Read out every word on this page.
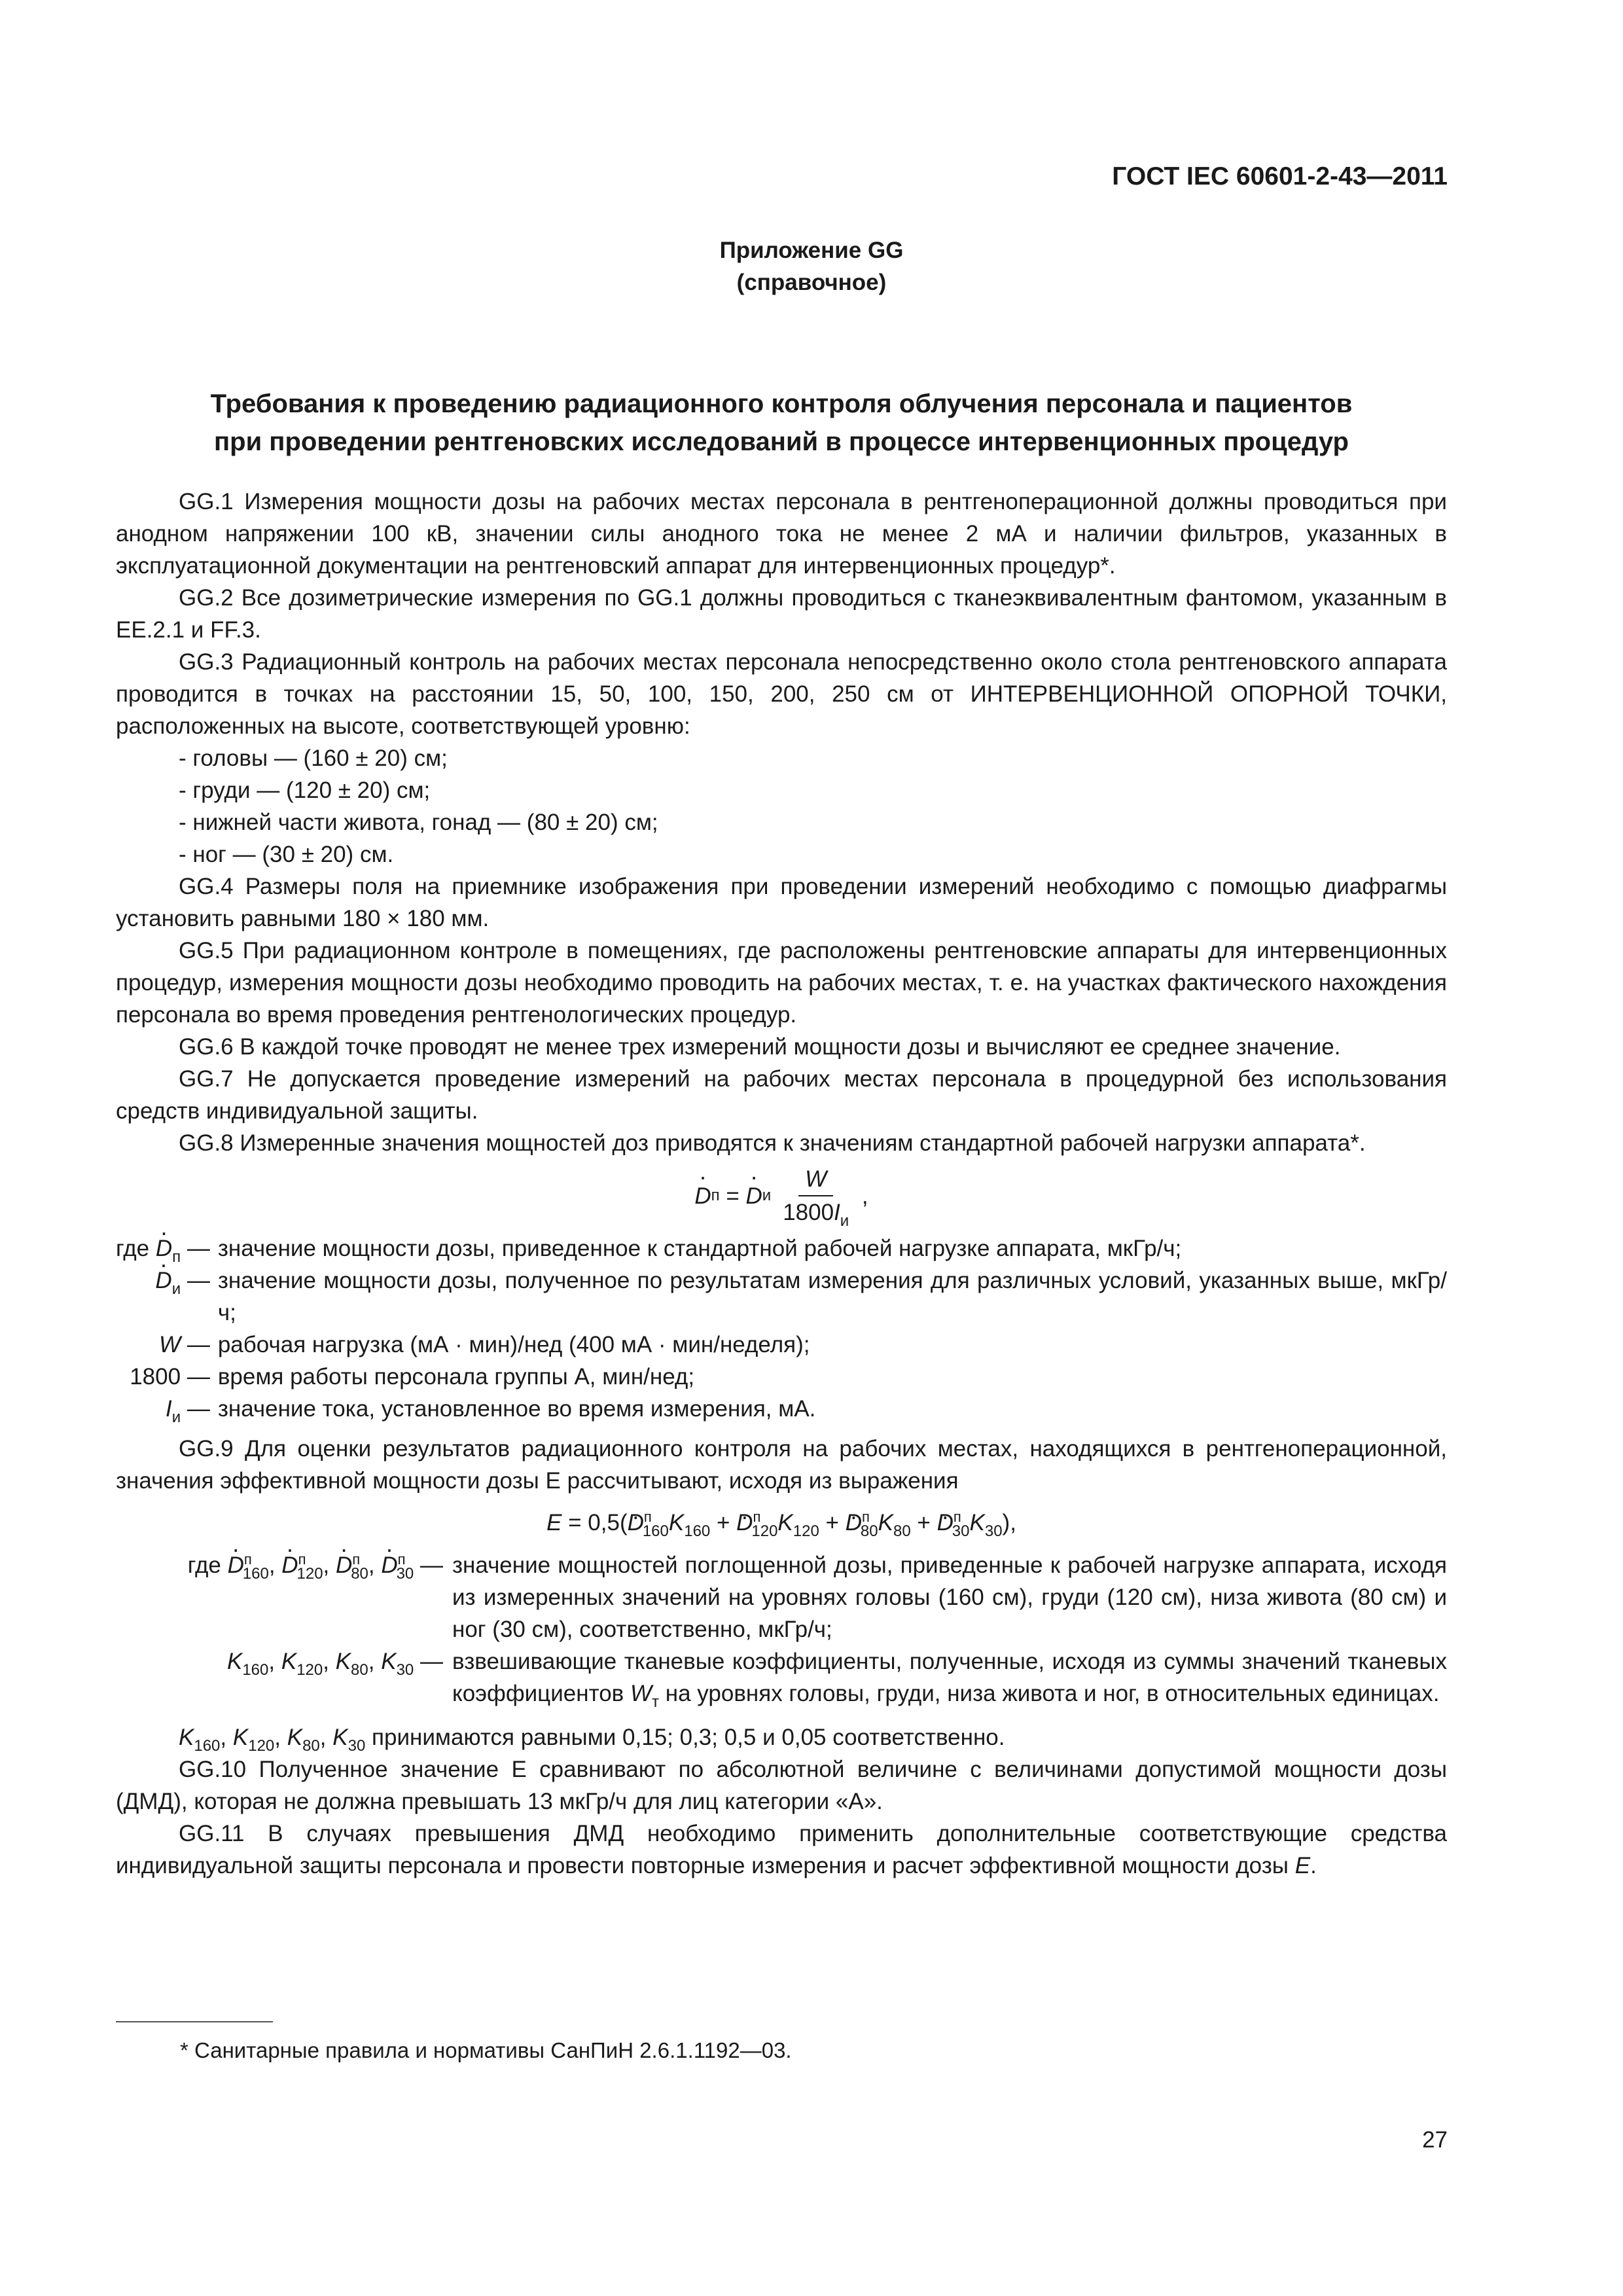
ГОСТ IEC 60601-2-43—2011
Приложение GG
(справочное)
Требования к проведению радиационного контроля облучения персонала и пациентов
при проведении рентгеновских исследований в процессе интервенционных процедур

GG.1 Измерения мощности дозы на рабочих местах персонала в рентгеноперационной должны проводиться при анодном напряжении 100 кВ, значении силы анодного тока не менее 2 мА и наличии фильтров, указанных в эксплуатационной документации на рентгеновский аппарат для интервенционных процедур*.

GG.2 Все дозиметрические измерения по GG.1 должны проводиться с тканеэквивалентным фантомом, указанным в EE.2.1 и FF.3.

GG.3 Радиационный контроль на рабочих местах персонала непосредственно около стола рентгеновского аппарата проводится в точках на расстоянии 15, 50, 100, 150, 200, 250 см от ИНТЕРВЕНЦИОННОЙ ОПОРНОЙ ТОЧКИ, расположенных на высоте, соответствующей уровню:

- головы — (160 ± 20) см;
- груди — (120 ± 20) см;
- нижней части живота, гонад — (80 ± 20) см;
- ног — (30 ± 20) см.

GG.4 Размеры поля на приемнике изображения при проведении измерений необходимо с помощью диафрагмы установить равными 180 × 180 мм.

GG.5 При радиационном контроле в помещениях, где расположены рентгеновские аппараты для интервенционных процедур, измерения мощности дозы необходимо проводить на рабочих местах, т. е. на участках фактического нахождения персонала во время проведения рентгенологических процедур.

GG.6 В каждой точке проводят не менее трех измерений мощности дозы и вычисляют ее среднее значение.

GG.7 Не допускается проведение измерений на рабочих местах персонала в процедурной без использования средств индивидуальной защиты.

GG.8 Измеренные значения мощностей доз приводятся к значениям стандартной рабочей нагрузки аппарата*.

· D п = · D и $\frac{W}{1800I_и}$ ,
где · $D_п$ — значение мощности дозы, приведенное к стандартной рабочей нагрузке аппарата, мкГр/ч;
· $D_и$ — значение мощности дозы, полученное по результатам измерения для различных условий, указанных выше, мкГр/ч;
W — рабочая нагрузка (мА · мин)/нед (400 мА · мин/неделя);
1800 — время работы персонала группы А, мин/нед;
$I_и$ — значение тока, установленное во время измерения, мА.

GG.9 Для оценки результатов радиационного контроля на рабочих местах, находящихся в рентгеноперационной, значения эффективной мощности дозы E рассчитывают, исходя из выражения

$E = 0,5(\cdot D^п_{160}K_{160}$ + · $D^п_{120}K_{120}$ + · $D^п_{80}K_{80}$ + · $D^п_{30}K_{30}$),
где · $D^п_{160}$, · $D^п_{120}$, · $D^п_{80}$, · $D^п_{30}$ — значение мощностей поглощенной дозы, приведенные к рабочей нагрузке аппарата, исходя из измеренных значений на уровнях головы (160 см), груди (120 см), низа живота (80 см) и ног (30 см), соответственно, мкГр/ч;
$K_{160}$, $K_{120}$, $K_{80}$, $K_{30}$ — взвешивающие тканевые коэффициенты, полученные, исходя из суммы значений тканевых коэффициентов $W_т$ на уровнях головы, груди, низа живота и ног, в относительных единицах.

$K_{160}$, $K_{120}$, $K_{80}$, $K_{30}$ принимаются равными 0,15; 0,3; 0,5 и 0,05 соответственно.

GG.10 Полученное значение E сравнивают по абсолютной величине с величинами допустимой мощности дозы (ДМД), которая не должна превышать 13 мкГр/ч для лиц категории «А».

GG.11 В случаях превышения ДМД необходимо применить дополнительные соответствующие средства индивидуальной защиты персонала и провести повторные измерения и расчет эффективной мощности дозы E.

* Санитарные правила и нормативы СанПиН 2.6.1.1192—03.
27
